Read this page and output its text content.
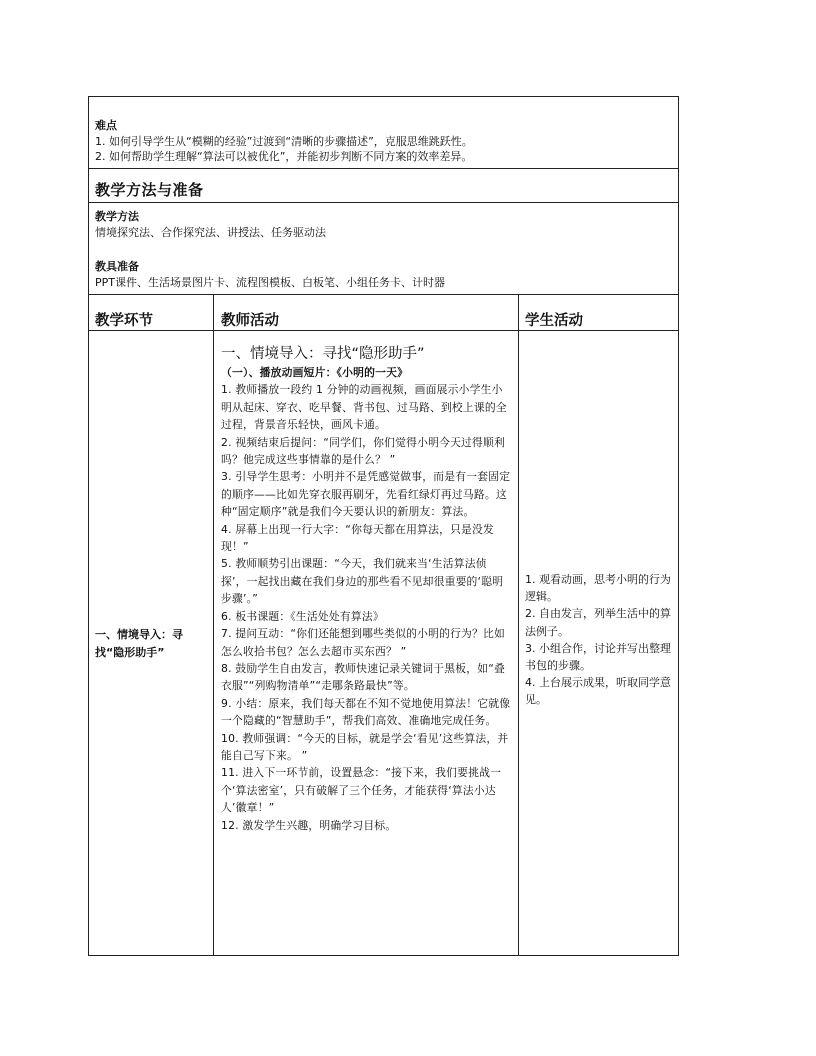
难点
1. 如何引导学生从“模糊的经验”过渡到“清晰的步骤描述”，克服思维跳跃性。
2. 如何帮助学生理解“算法可以被优化”，并能初步判断不同方案的效率差异。
教学方法与准备
教学方法
情境探究法、合作探究法、讲授法、任务驱动法
教具准备
PPT课件、生活场景图片卡、流程图模板、白板笔、小组任务卡、计时器
教学环节	教师活动	学生活动
一、情境导入：寻找“隐形助手”
一、情境导入：寻找“隐形助手”
（一）、播放动画短片：《小明的一天》

1. 教师播放一段约 1 分钟的动画视频，画面展示小学生小明从起床、穿衣、吃早餐、背书包、过马路、到校上课的全过程，背景音乐轻快，画风卡通。

2. 视频结束后提问：“同学们，你们觉得小明今天过得顺利吗？他完成这些事情靠的是什么？ ”

3. 引导学生思考：小明并不是凭感觉做事，而是有一套固定的顺序——比如先穿衣服再刷牙，先看红绿灯再过马路。这种“固定顺序”就是我们今天要认识的新朋友：算法。

4. 屏幕上出现一行大字：“你每天都在用算法，只是没发现！”

5. 教师顺势引出课题：“今天，我们就来当‘生活算法侦探’，一起找出藏在我们身边的那些看不见却很重要的‘聪明步骤’。”

6. 板书课题：《生活处处有算法》

7. 提问互动：“你们还能想到哪些类似的小明的行为？比如怎么收拾书包？怎么去超市买东西？ ”

8. 鼓励学生自由发言，教师快速记录关键词于黑板，如“叠衣服”“列购物清单”“走哪条路最快”等。

9. 小结：原来，我们每天都在不知不觉地使用算法！它就像一个隐藏的“智慧助手”，帮我们高效、准确地完成任务。

10. 教师强调：“今天的目标，就是学会‘看见’这些算法，并能自己写下来。 ”

11. 进入下一环节前，设置悬念：“接下来，我们要挑战一个‘算法密室’，只有破解了三个任务，才能获得‘算法小达人’徽章！”

12. 激发学生兴趣，明确学习目标。

1. 观看动画，思考小明的行为逻辑。

2. 自由发言，列举生活中的算法例子。

3. 小组合作，讨论并写出整理书包的步骤。

4. 上台展示成果，听取同学意见。
